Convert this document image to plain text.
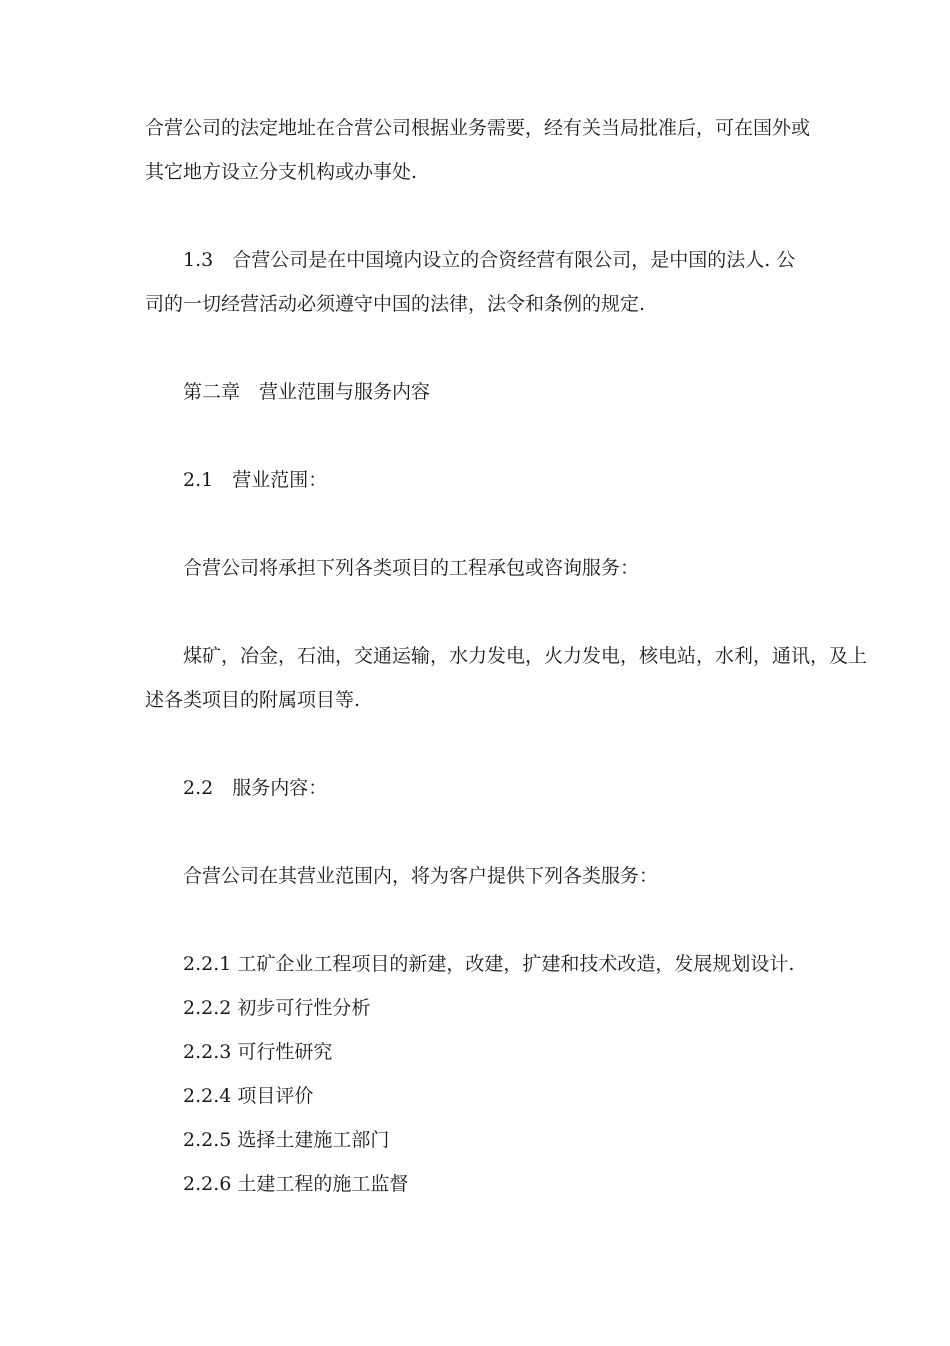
合营公司的法定地址在合营公司根据业务需要，经有关当局批准后，可在国外或
其它地方设立分支机构或办事处.
1.3　合营公司是在中国境内设立的合资经营有限公司，是中国的法人. 公
司的一切经营活动必须遵守中国的法律，法令和条例的规定.
第二章　营业范围与服务内容
2.1　营业范围：
合营公司将承担下列各类项目的工程承包或咨询服务：
煤矿，冶金，石油，交通运输，水力发电，火力发电，核电站，水利，通讯，及上
述各类项目的附属项目等.
2.2　服务内容：
合营公司在其营业范围内，将为客户提供下列各类服务：
2.2.1 工矿企业工程项目的新建，改建，扩建和技术改造，发展规划设计.
2.2.2 初步可行性分析
2.2.3 可行性研究
2.2.4 项目评价
2.2.5 选择土建施工部门
2.2.6 土建工程的施工监督
